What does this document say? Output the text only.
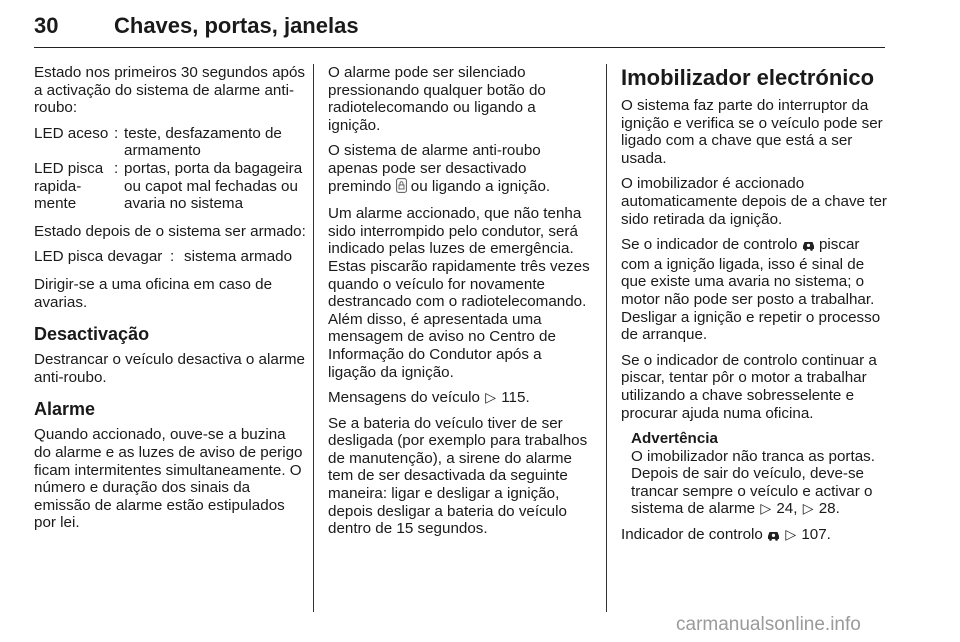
30	Chaves, portas, janelas

Estado nos primeiros 30 segundos após a activação do sistema de alarme anti-roubo:

LED aceso : teste, desfazamento de armamento
LED pisca rapida-mente
: portas, porta da bagageira ou capot mal fechadas ou avaria no sistema

Estado depois de o sistema ser armado:

LED pisca devagar : sistema armado

Dirigir-se a uma oficina em caso de avarias.

Desactivação

Destrancar o veículo desactiva o alarme anti-roubo.

Alarme

Quando accionado, ouve-se a buzina do alarme e as luzes de aviso de perigo ficam intermitentes simultaneamente. O número e duração dos sinais da emissão de alarme estão estipulados por lei.

O alarme pode ser silenciado pressionando qualquer botão do radiotelecomando ou ligando a ignição.

O sistema de alarme anti-roubo apenas pode ser desactivado premindo ou ligando a ignição.

Um alarme accionado, que não tenha sido interrompido pelo condutor, será indicado pelas luzes de emergência. Estas piscarão rapidamente três vezes quando o veículo for novamente destrancado com o radiotelecomando. Além disso, é apresentada uma mensagem de aviso no Centro de Informação do Condutor após a ligação da ignição.

Mensagens do veículo ▷ 115.

Se a bateria do veículo tiver de ser desligada (por exemplo para trabalhos de manutenção), a sirene do alarme tem de ser desactivada da seguinte maneira: ligar e desligar a ignição, depois desligar a bateria do veículo dentro de 15 segundos.

Imobilizador electrónico

O sistema faz parte do interruptor da ignição e verifica se o veículo pode ser ligado com a chave que está a ser usada.

O imobilizador é accionado automaticamente depois de a chave ter sido retirada da ignição.

Se o indicador de controlo piscar com a ignição ligada, isso é sinal de que existe uma avaria no sistema; o motor não pode ser posto a trabalhar. Desligar a ignição e repetir o processo de arranque.

Se o indicador de controlo continuar a piscar, tentar pôr o motor a trabalhar utilizando a chave sobresselente e procurar ajuda numa oficina.

Advertência
O imobilizador não tranca as portas. Depois de sair do veículo, deve-se trancar sempre o veículo e activar o sistema de alarme ▷ 24, ▷ 28.

Indicador de controlo ▷ 107.

carmanualsonline.info
